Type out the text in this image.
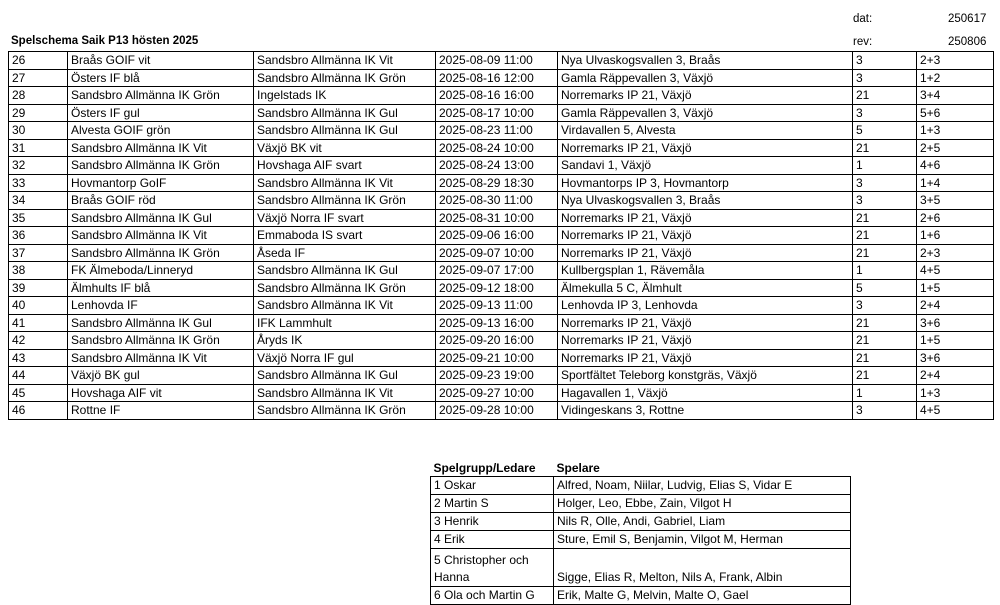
dat:	250617
Spelschema Saik P13 hösten 2025	rev:	250806
26	Braås GOIF vit	Sandsbro Allmänna IK Vit	2025-08-09 11:00	Nya Ulvaskogsvallen 3, Braås	3	2+3
27	Östers IF blå	Sandsbro Allmänna IK Grön	2025-08-16 12:00	Gamla Räppevallen 3, Växjö	3	1+2
28	Sandsbro Allmänna IK Grön	Ingelstads IK	2025-08-16 16:00	Norremarks IP 21, Växjö	21	3+4
29	Östers IF gul	Sandsbro Allmänna IK Gul	2025-08-17 10:00	Gamla Räppevallen 3, Växjö	3	5+6
30	Alvesta GOIF grön	Sandsbro Allmänna IK Gul	2025-08-23 11:00	Virdavallen 5, Alvesta	5	1+3
31	Sandsbro Allmänna IK Vit	Växjö BK vit	2025-08-24 10:00	Norremarks IP 21, Växjö	21	2+5
32	Sandsbro Allmänna IK Grön	Hovshaga AIF svart	2025-08-24 13:00	Sandavi 1, Växjö	1	4+6
33	Hovmantorp GoIF	Sandsbro Allmänna IK Vit	2025-08-29 18:30	Hovmantorps IP 3, Hovmantorp	3	1+4
34	Braås GOIF röd	Sandsbro Allmänna IK Grön	2025-08-30 11:00	Nya Ulvaskogsvallen 3, Braås	3	3+5
35	Sandsbro Allmänna IK Gul	Växjö Norra IF svart	2025-08-31 10:00	Norremarks IP 21, Växjö	21	2+6
36	Sandsbro Allmänna IK Vit	Emmaboda IS svart	2025-09-06 16:00	Norremarks IP 21, Växjö	21	1+6
37	Sandsbro Allmänna IK Grön	Åseda IF	2025-09-07 10:00	Norremarks IP 21, Växjö	21	2+3
38	FK Älmeboda/Linneryd	Sandsbro Allmänna IK Gul	2025-09-07 17:00	Kullbergsplan 1, Rävemåla	1	4+5
39	Älmhults IF blå	Sandsbro Allmänna IK Grön	2025-09-12 18:00	Älmekulla 5 C, Älmhult	5	1+5
40	Lenhovda IF	Sandsbro Allmänna IK Vit	2025-09-13 11:00	Lenhovda IP 3, Lenhovda	3	2+4
41	Sandsbro Allmänna IK Gul	IFK Lammhult	2025-09-13 16:00	Norremarks IP 21, Växjö	21	3+6
42	Sandsbro Allmänna IK Grön	Åryds IK	2025-09-20 16:00	Norremarks IP 21, Växjö	21	1+5
43	Sandsbro Allmänna IK Vit	Växjö Norra IF gul	2025-09-21 10:00	Norremarks IP 21, Växjö	21	3+6
44	Växjö BK gul	Sandsbro Allmänna IK Gul	2025-09-23 19:00	Sportfältet Teleborg konstgräs, Växjö	21	2+4
45	Hovshaga AIF vit	Sandsbro Allmänna IK Vit	2025-09-27 10:00	Hagavallen 1, Växjö	1	1+3
46	Rottne IF	Sandsbro Allmänna IK Grön	2025-09-28 10:00	Vidingeskans 3, Rottne	3	4+5
Spelgrupp/Ledare	Spelare
1 Oskar	Alfred, Noam, Niilar, Ludvig, Elias S, Vidar E
2 Martin S	Holger, Leo, Ebbe, Zain, Vilgot H
3 Henrik	Nils R, Olle, Andi, Gabriel, Liam
4 Erik	Sture, Emil S, Benjamin, Vilgot M, Herman
5 Christopher och Hanna	Sigge, Elias R, Melton, Nils A, Frank, Albin
6 Ola och Martin G	Erik, Malte G, Melvin, Malte O, Gael
